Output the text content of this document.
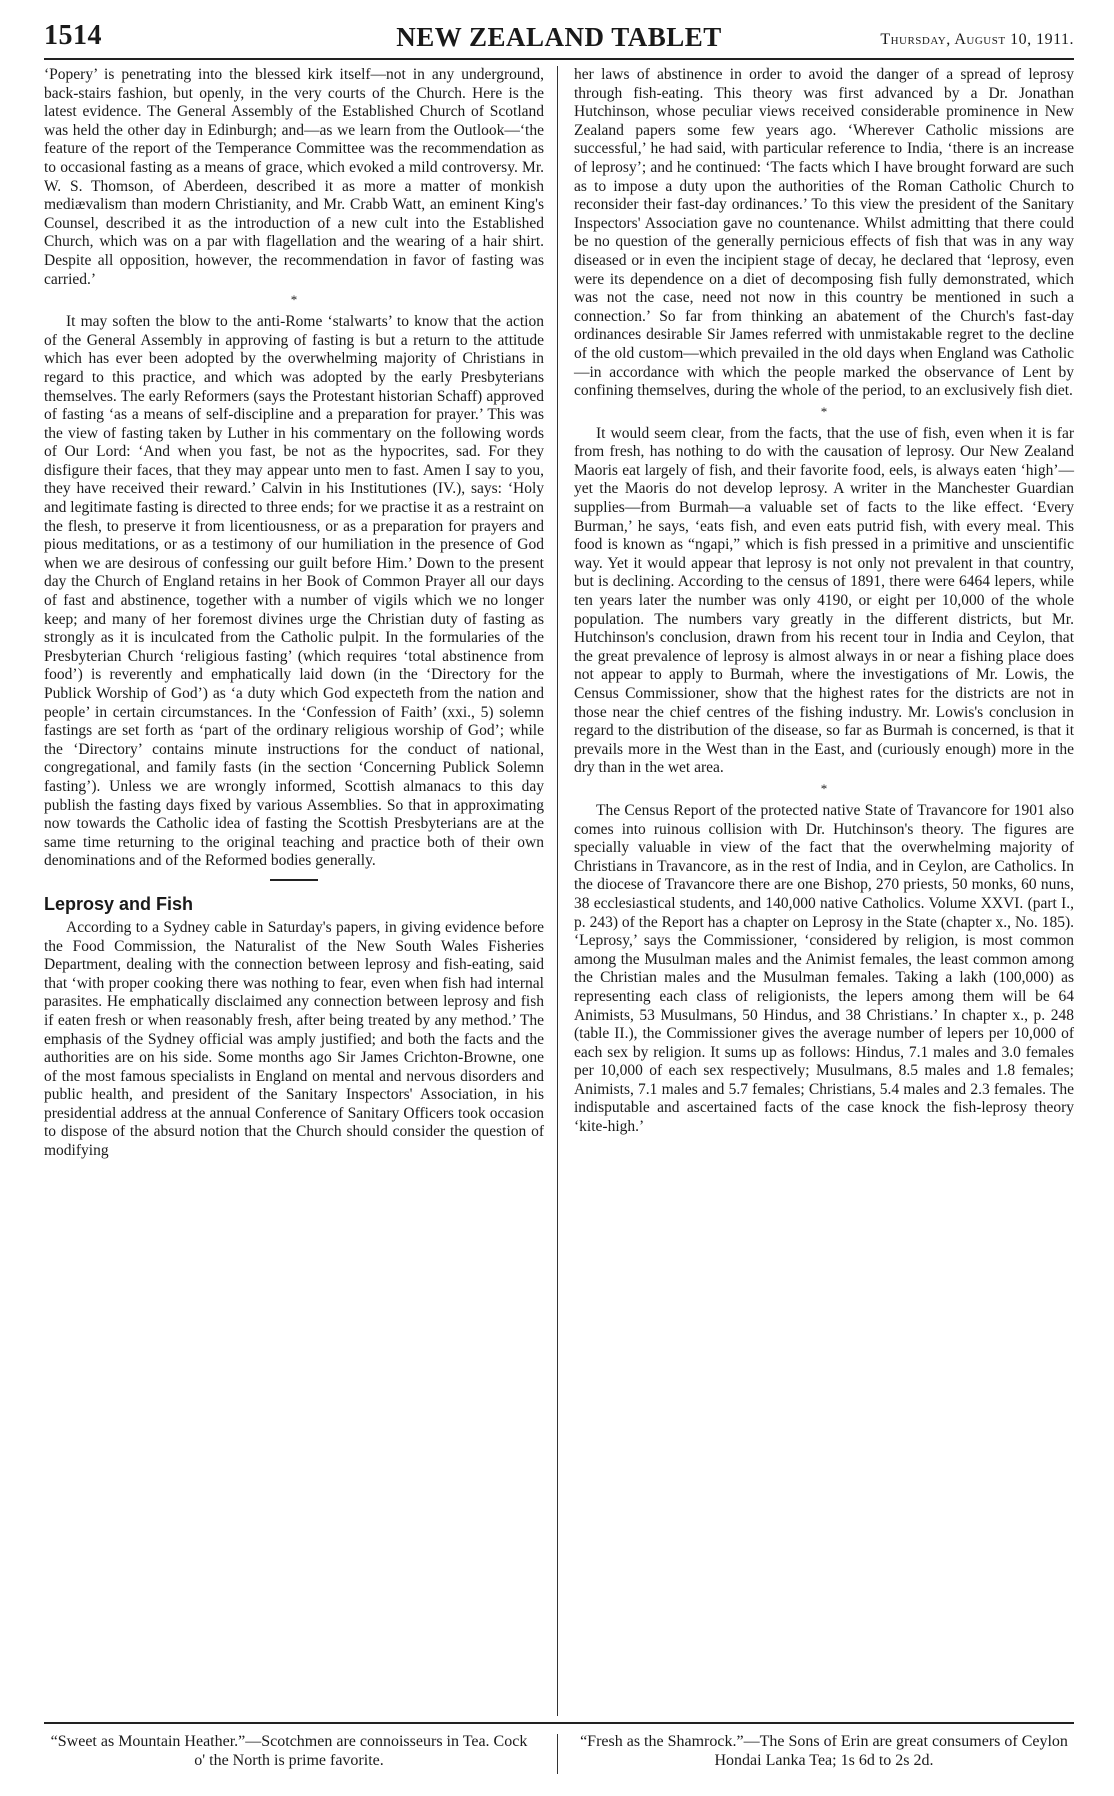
1514	NEW ZEALAND TABLET	Thursday, August 10, 1911.

‘Popery’ is penetrating into the blessed kirk itself—not in any underground, back-stairs fashion, but openly, in the very courts of the Church. Here is the latest evidence. The General Assembly of the Established Church of Scotland was held the other day in Edinburgh; and—as we learn from the Outlook—‘the feature of the report of the Temperance Committee was the recommendation as to occasional fasting as a means of grace, which evoked a mild controversy. Mr. W. S. Thomson, of Aberdeen, described it as more a matter of monkish mediævalism than modern Christianity, and Mr. Crabb Watt, an eminent King's Counsel, described it as the introduction of a new cult into the Established Church, which was on a par with flagellation and the wearing of a hair shirt. Despite all opposition, however, the recommendation in favor of fasting was carried.’

*

It may soften the blow to the anti-Rome ‘stalwarts’ to know that the action of the General Assembly in approving of fasting is but a return to the attitude which has ever been adopted by the overwhelming majority of Christians in regard to this practice, and which was adopted by the early Presbyterians themselves. The early Reformers (says the Protestant historian Schaff) approved of fasting ‘as a means of self-discipline and a preparation for prayer.’ This was the view of fasting taken by Luther in his commentary on the following words of Our Lord: ‘And when you fast, be not as the hypocrites, sad. For they disfigure their faces, that they may appear unto men to fast. Amen I say to you, they have received their reward.’ Calvin in his Institutiones (IV.), says: ‘Holy and legitimate fasting is directed to three ends; for we practise it as a restraint on the flesh, to preserve it from licentiousness, or as a preparation for prayers and pious meditations, or as a testimony of our humiliation in the presence of God when we are desirous of confessing our guilt before Him.’ Down to the present day the Church of England retains in her Book of Common Prayer all our days of fast and abstinence, together with a number of vigils which we no longer keep; and many of her foremost divines urge the Christian duty of fasting as strongly as it is inculcated from the Catholic pulpit. In the formularies of the Presbyterian Church ‘religious fasting’ (which requires ‘total abstinence from food’) is reverently and emphatically laid down (in the ‘Directory for the Publick Worship of God’) as ‘a duty which God expecteth from the nation and people’ in certain circumstances. In the ‘Confession of Faith’ (xxi., 5) solemn fastings are set forth as ‘part of the ordinary religious worship of God’; while the ‘Directory’ contains minute instructions for the conduct of national, congregational, and family fasts (in the section ‘Concerning Publick Solemn fasting’). Unless we are wrongly informed, Scottish almanacs to this day publish the fasting days fixed by various Assemblies. So that in approximating now towards the Catholic idea of fasting the Scottish Presbyterians are at the same time returning to the original teaching and practice both of their own denominations and of the Reformed bodies generally.

Leprosy and Fish

According to a Sydney cable in Saturday's papers, in giving evidence before the Food Commission, the Naturalist of the New South Wales Fisheries Department, dealing with the connection between leprosy and fish-eating, said that ‘with proper cooking there was nothing to fear, even when fish had internal parasites. He emphatically disclaimed any connection between leprosy and fish if eaten fresh or when reasonably fresh, after being treated by any method.’ The emphasis of the Sydney official was amply justified; and both the facts and the authorities are on his side. Some months ago Sir James Crichton-Browne, one of the most famous specialists in England on mental and nervous disorders and public health, and president of the Sanitary Inspectors' Association, in his presidential address at the annual Conference of Sanitary Officers took occasion to dispose of the absurd notion that the Church should consider the question of modifying

her laws of abstinence in order to avoid the danger of a spread of leprosy through fish-eating. This theory was first advanced by a Dr. Jonathan Hutchinson, whose peculiar views received considerable prominence in New Zealand papers some few years ago. ‘Wherever Catholic missions are successful,’ he had said, with particular reference to India, ‘there is an increase of leprosy’; and he continued: ‘The facts which I have brought forward are such as to impose a duty upon the authorities of the Roman Catholic Church to reconsider their fast-day ordinances.’ To this view the president of the Sanitary Inspectors' Association gave no countenance. Whilst admitting that there could be no question of the generally pernicious effects of fish that was in any way diseased or in even the incipient stage of decay, he declared that ‘leprosy, even were its dependence on a diet of decomposing fish fully demonstrated, which was not the case, need not now in this country be mentioned in such a connection.’ So far from thinking an abatement of the Church's fast-day ordinances desirable Sir James referred with unmistakable regret to the decline of the old custom—which prevailed in the old days when England was Catholic—in accordance with which the people marked the observance of Lent by confining themselves, during the whole of the period, to an exclusively fish diet.

*

It would seem clear, from the facts, that the use of fish, even when it is far from fresh, has nothing to do with the causation of leprosy. Our New Zealand Maoris eat largely of fish, and their favorite food, eels, is always eaten ‘high’—yet the Maoris do not develop leprosy. A writer in the Manchester Guardian supplies—from Burmah—a valuable set of facts to the like effect. ‘Every Burman,’ he says, ‘eats fish, and even eats putrid fish, with every meal. This food is known as “ngapi,” which is fish pressed in a primitive and unscientific way. Yet it would appear that leprosy is not only not prevalent in that country, but is declining. According to the census of 1891, there were 6464 lepers, while ten years later the number was only 4190, or eight per 10,000 of the whole population. The numbers vary greatly in the different districts, but Mr. Hutchinson's conclusion, drawn from his recent tour in India and Ceylon, that the great prevalence of leprosy is almost always in or near a fishing place does not appear to apply to Burmah, where the investigations of Mr. Lowis, the Census Commissioner, show that the highest rates for the districts are not in those near the chief centres of the fishing industry. Mr. Lowis's conclusion in regard to the distribution of the disease, so far as Burmah is concerned, is that it prevails more in the West than in the East, and (curiously enough) more in the dry than in the wet area.

*

The Census Report of the protected native State of Travancore for 1901 also comes into ruinous collision with Dr. Hutchinson's theory. The figures are specially valuable in view of the fact that the overwhelming majority of Christians in Travancore, as in the rest of India, and in Ceylon, are Catholics. In the diocese of Travancore there are one Bishop, 270 priests, 50 monks, 60 nuns, 38 ecclesiastical students, and 140,000 native Catholics. Volume XXVI. (part I., p. 243) of the Report has a chapter on Leprosy in the State (chapter x., No. 185). ‘Leprosy,’ says the Commissioner, ‘considered by religion, is most common among the Musulman males and the Animist females, the least common among the Christian males and the Musulman females. Taking a lakh (100,000) as representing each class of religionists, the lepers among them will be 64 Animists, 53 Musulmans, 50 Hindus, and 38 Christians.’ In chapter x., p. 248 (table II.), the Commissioner gives the average number of lepers per 10,000 of each sex by religion. It sums up as follows: Hindus, 7.1 males and 3.0 females per 10,000 of each sex respectively; Musulmans, 8.5 males and 1.8 females; Animists, 7.1 males and 5.7 females; Christians, 5.4 males and 2.3 females. The indisputable and ascertained facts of the case knock the fish-leprosy theory ‘kite-high.’

“Sweet as Mountain Heather.”—Scotchmen are connoisseurs in Tea. Cock o' the North is prime favorite.
“Fresh as the Shamrock.”—The Sons of Erin are great consumers of Ceylon Hondai Lanka Tea; 1s 6d to 2s 2d.
